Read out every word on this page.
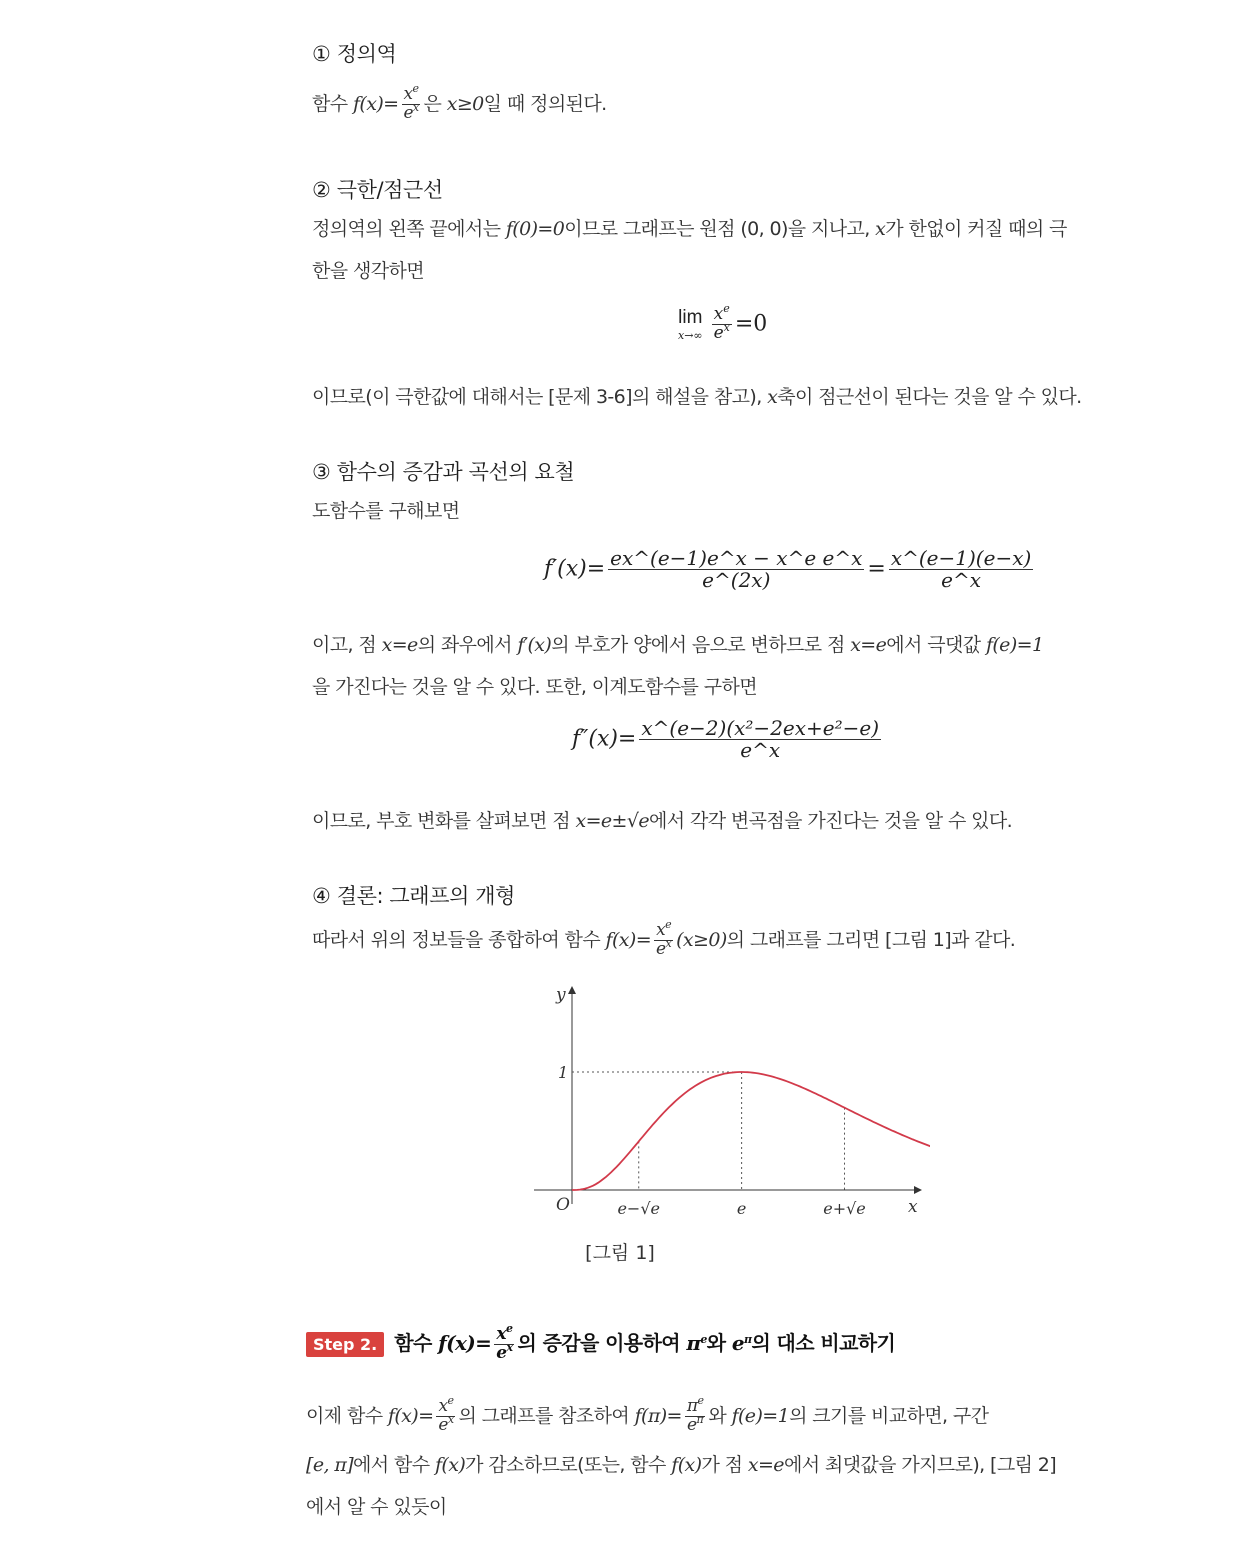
① 정의역
함수 $f(x)= \frac{x^e}{e^x}$ 은 x≥0일 때 정의된다.
② 극한/점근선
정의역의 왼쪽 끝에서는 f(0)=0이므로 그래프는 원점 (0, 0)을 지나고, x가 한없이 커질 때의 극
한을 생각하면
lim
$x\to\infty \frac{x^e}{e^x} =0$
이므로(이 극한값에 대해서는 [문제 3-6]의 해설을 참고), x축이 점근선이 된다는 것을 알 수 있다.
③ 함수의 증감과 곡선의 요철
도함수를 구해보면
$f'(x)= \frac{\text{ex\textasciicircum{}(e−1)e\textasciicircum{}x − x\textasciicircum{}e e\textasciicircum{}x}}{e\^{}(2x)} = \frac{x\^{}(e-1)(e-x)}{e\^{}x}$
이고, 점 x=e의 좌우에서 f′(x)의 부호가 양에서 음으로 변하므로 점 x=e에서 극댓값 f(e)=1
을 가진다는 것을 알 수 있다. 또한, 이계도함수를 구하면
$f''(x)= \frac{\text{x\textasciicircum{}(e−2)(x²−2ex+e²−e)}}{e\^{}x}$
이므로, 부호 변화를 살펴보면 점 x=e±√e에서 각각 변곡점을 가진다는 것을 알 수 있다.
④ 결론: 그래프의 개형
따라서 위의 정보들을 종합하여 함수 $f(x)= \frac{x^e}{e^x} (x\ge 0)$의 그래프를 그리면 [그림 1]과 같다.
x
y
O
1
e−√e	e	e+√e
[그림 1]
Step 2. 함수 $f(x)= \frac{x^e}{e^x}$ 의 증감을 이용하여 $\pi^e$와 $e^\pi$의 대소 비교하기
이제 함수 $f(x)= \frac{x^e}{e^x}$ 의 그래프를 참조하여 $f(\pi)= \frac{\pi^e}{e^\pi}$ 와 f(e)=1의 크기를 비교하면, 구간
[e, π]에서 함수 f(x)가 감소하므로(또는, 함수 f(x)가 점 x=e에서 최댓값을 가지므로), [그림 2]
에서 알 수 있듯이
